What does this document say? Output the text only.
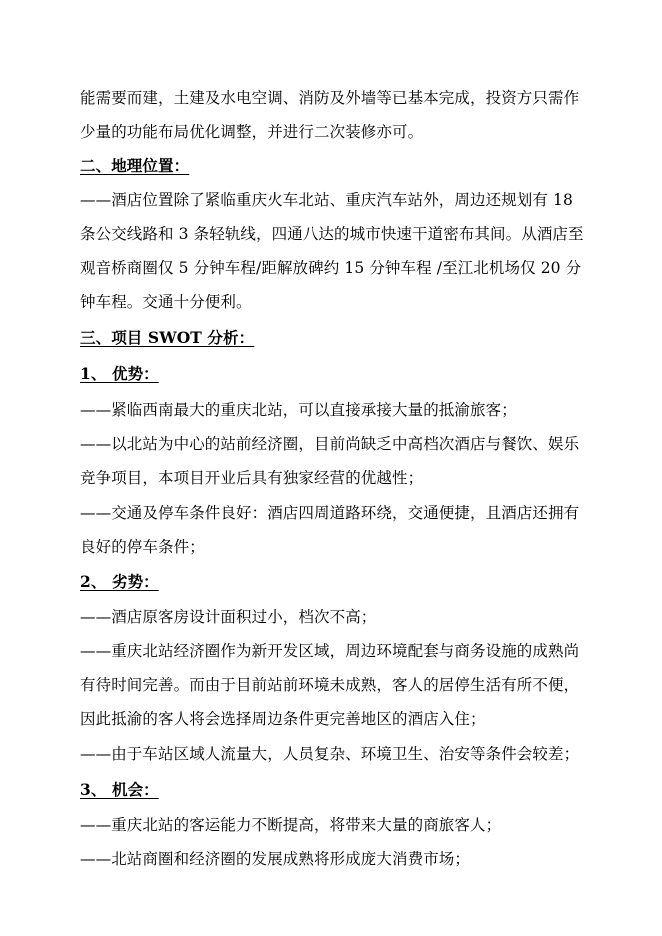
能需要而建，土建及水电空调、消防及外墙等已基本完成，投资方只需作
少量的功能布局优化调整，并进行二次装修亦可。
二、地理位置：
——酒店位置除了紧临重庆火车北站、重庆汽车站外，周边还规划有 18
条公交线路和 3 条轻轨线，四通八达的城市快速干道密布其间。从酒店至
观音桥商圈仅 5 分钟车程/距解放碑约 15 分钟车程 /至江北机场仅 20 分
钟车程。交通十分便利。
三、项目 SWOT 分析：
1、 优势：
——紧临西南最大的重庆北站，可以直接承接大量的抵渝旅客；
——以北站为中心的站前经济圈，目前尚缺乏中高档次酒店与餐饮、娱乐
竞争项目，本项目开业后具有独家经营的优越性；
——交通及停车条件良好：酒店四周道路环绕，交通便捷，且酒店还拥有
良好的停车条件；
2、 劣势：
——酒店原客房设计面积过小，档次不高；
——重庆北站经济圈作为新开发区域，周边环境配套与商务设施的成熟尚
有待时间完善。而由于目前站前环境未成熟，客人的居停生活有所不便，
因此抵渝的客人将会选择周边条件更完善地区的酒店入住；
——由于车站区域人流量大，人员复杂、环境卫生、治安等条件会较差；
3、 机会：
——重庆北站的客运能力不断提高，将带来大量的商旅客人；
——北站商圈和经济圈的发展成熟将形成庞大消费市场；
